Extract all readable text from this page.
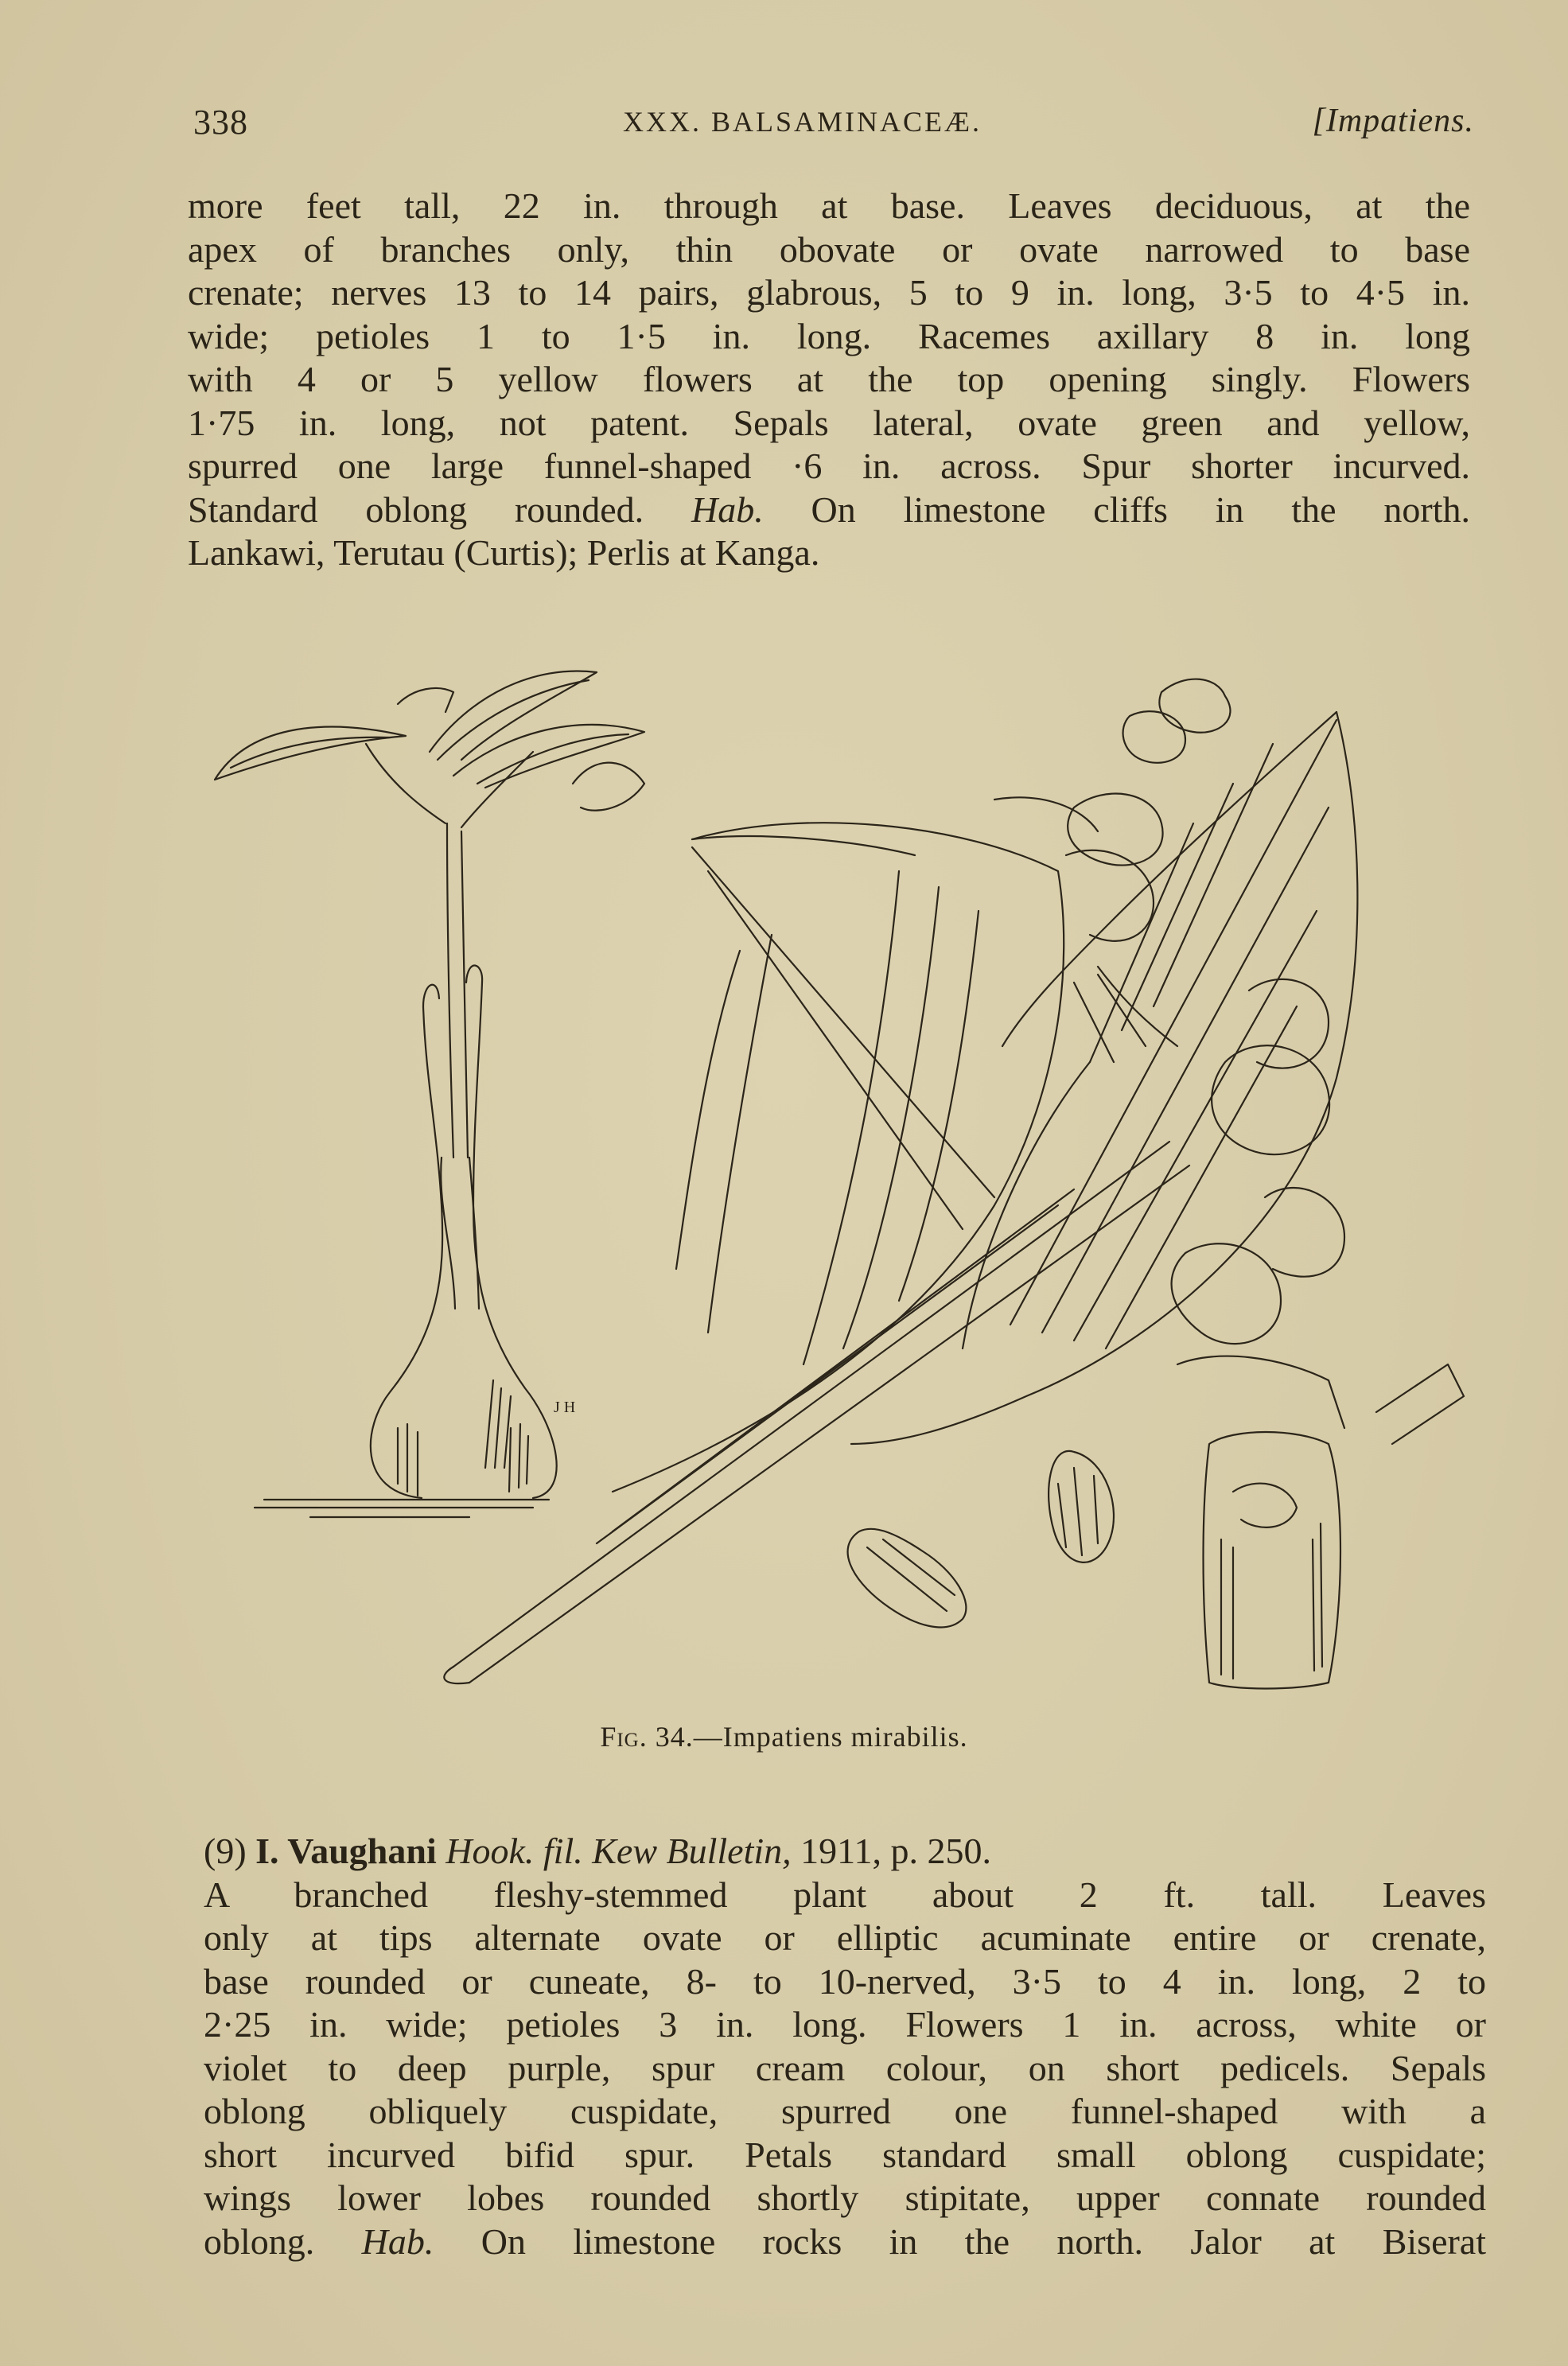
338	XXX. BALSAMINACEÆ.	[Impatiens.
more feet tall, 22 in. through at base. Leaves deciduous, at the
apex of branches only, thin obovate or ovate narrowed to base
crenate; nerves 13 to 14 pairs, glabrous, 5 to 9 in. long, 3·5 to 4·5 in.
wide; petioles 1 to 1·5 in. long. Racemes axillary 8 in. long
with 4 or 5 yellow flowers at the top opening singly. Flowers
1·75 in. long, not patent. Sepals lateral, ovate green and yellow,
spurred one large funnel-shaped ·6 in. across. Spur shorter incurved.
Standard oblong rounded. Hab. On limestone cliffs in the north.
Lankawi, Terutau (Curtis); Perlis at Kanga.
J H
Fig. 34.—Impatiens mirabilis.
(9) I. Vaughani Hook. fil. Kew Bulletin, 1911, p. 250.
A branched fleshy-stemmed plant about 2 ft. tall. Leaves
only at tips alternate ovate or elliptic acuminate entire or crenate,
base rounded or cuneate, 8- to 10-nerved, 3·5 to 4 in. long, 2 to
2·25 in. wide; petioles 3 in. long. Flowers 1 in. across, white or
violet to deep purple, spur cream colour, on short pedicels. Sepals
oblong obliquely cuspidate, spurred one funnel-shaped with a
short incurved bifid spur. Petals standard small oblong cuspidate;
wings lower lobes rounded shortly stipitate, upper connate rounded
oblong. Hab. On limestone rocks in the north. Jalor at Biserat
